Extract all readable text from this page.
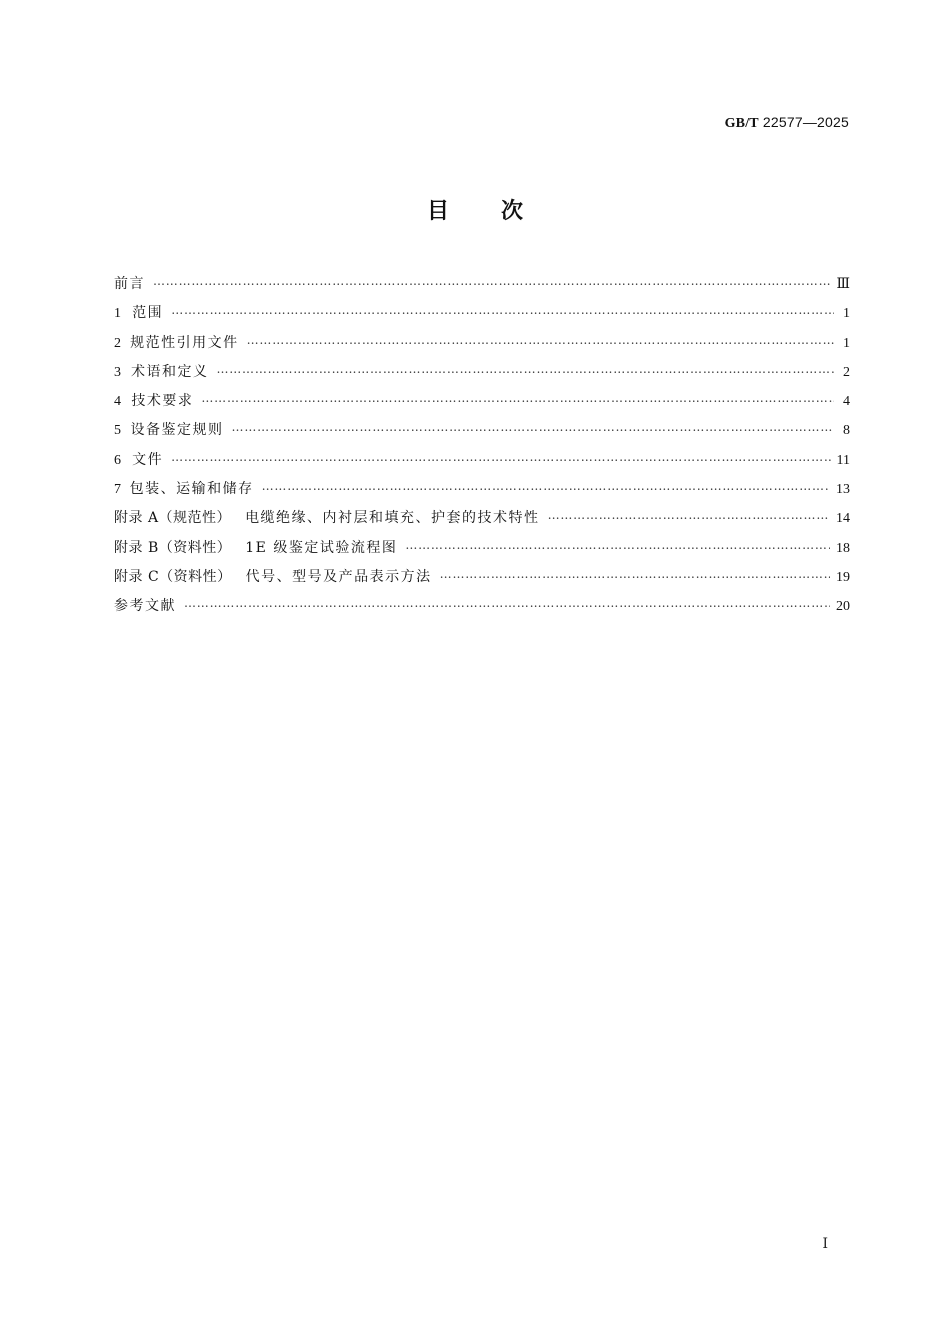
GB/T 22577—2025
目次
前言 ……………………………………………………………………………………………………………………………………………………………………………………………………	Ⅲ
1 范围 ……………………………………………………………………………………………………………………………………………………………………………………………………	1
2 规范性引用文件 ……………………………………………………………………………………………………………………………………………………………………………………………………	1
3 术语和定义 ……………………………………………………………………………………………………………………………………………………………………………………………………	2
4 技术要求 ……………………………………………………………………………………………………………………………………………………………………………………………………	4
5 设备鉴定规则 ……………………………………………………………………………………………………………………………………………………………………………………………………	8
6 文件 ……………………………………………………………………………………………………………………………………………………………………………………………………	11
7 包装、运输和储存 ……………………………………………………………………………………………………………………………………………………………………………………………………	13
附录 A（规范性） 电缆绝缘、内衬层和填充、护套的技术特性 ……………………………………………………………………………………………………………………………………………………………………………………………………	14
附录 B（资料性） 1E 级鉴定试验流程图 ……………………………………………………………………………………………………………………………………………………………………………………………………	18
附录 C（资料性） 代号、型号及产品表示方法 ……………………………………………………………………………………………………………………………………………………………………………………………………	19
参考文献 ……………………………………………………………………………………………………………………………………………………………………………………………………	20
Ⅰ
